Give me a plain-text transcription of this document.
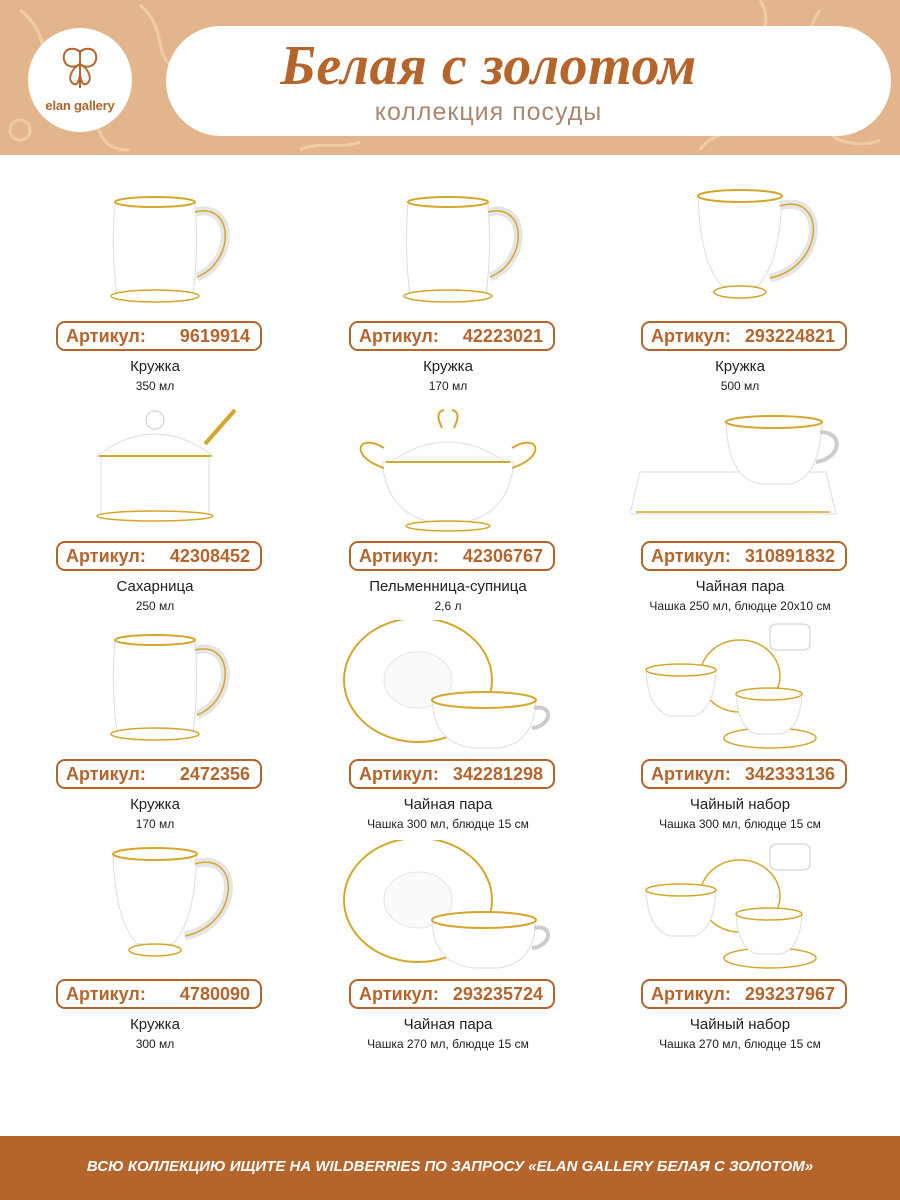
elan gallery
Белая с золотом
коллекция посуды
Артикул: 9619914
Кружка
350 мл
Артикул: 42223021
Кружка
170 мл
Артикул: 293224821
Кружка
500 мл
Артикул: 42308452
Сахарница
250 мл
Артикул: 42306767
Пельменница-супница
2,6 л
Артикул: 310891832
Чайная пара
Чашка 250 мл, блюдце 20х10 см
Артикул: 2472356
Кружка
170 мл
Артикул: 342281298
Чайная пара
Чашка 300 мл, блюдце 15 см
Артикул: 342333136
Чайный набор
Чашка 300 мл, блюдце 15 см
Артикул: 4780090
Кружка
300 мл
Артикул: 293235724
Чайная пара
Чашка 270 мл, блюдце 15 см
Артикул: 293237967
Чайный набор
Чашка 270 мл, блюдце 15 см
ВСЮ КОЛЛЕКЦИЮ ИЩИТЕ НА WILDBERRIES ПО ЗАПРОСУ «ELAN GALLERY БЕЛАЯ С ЗОЛОТОМ»
